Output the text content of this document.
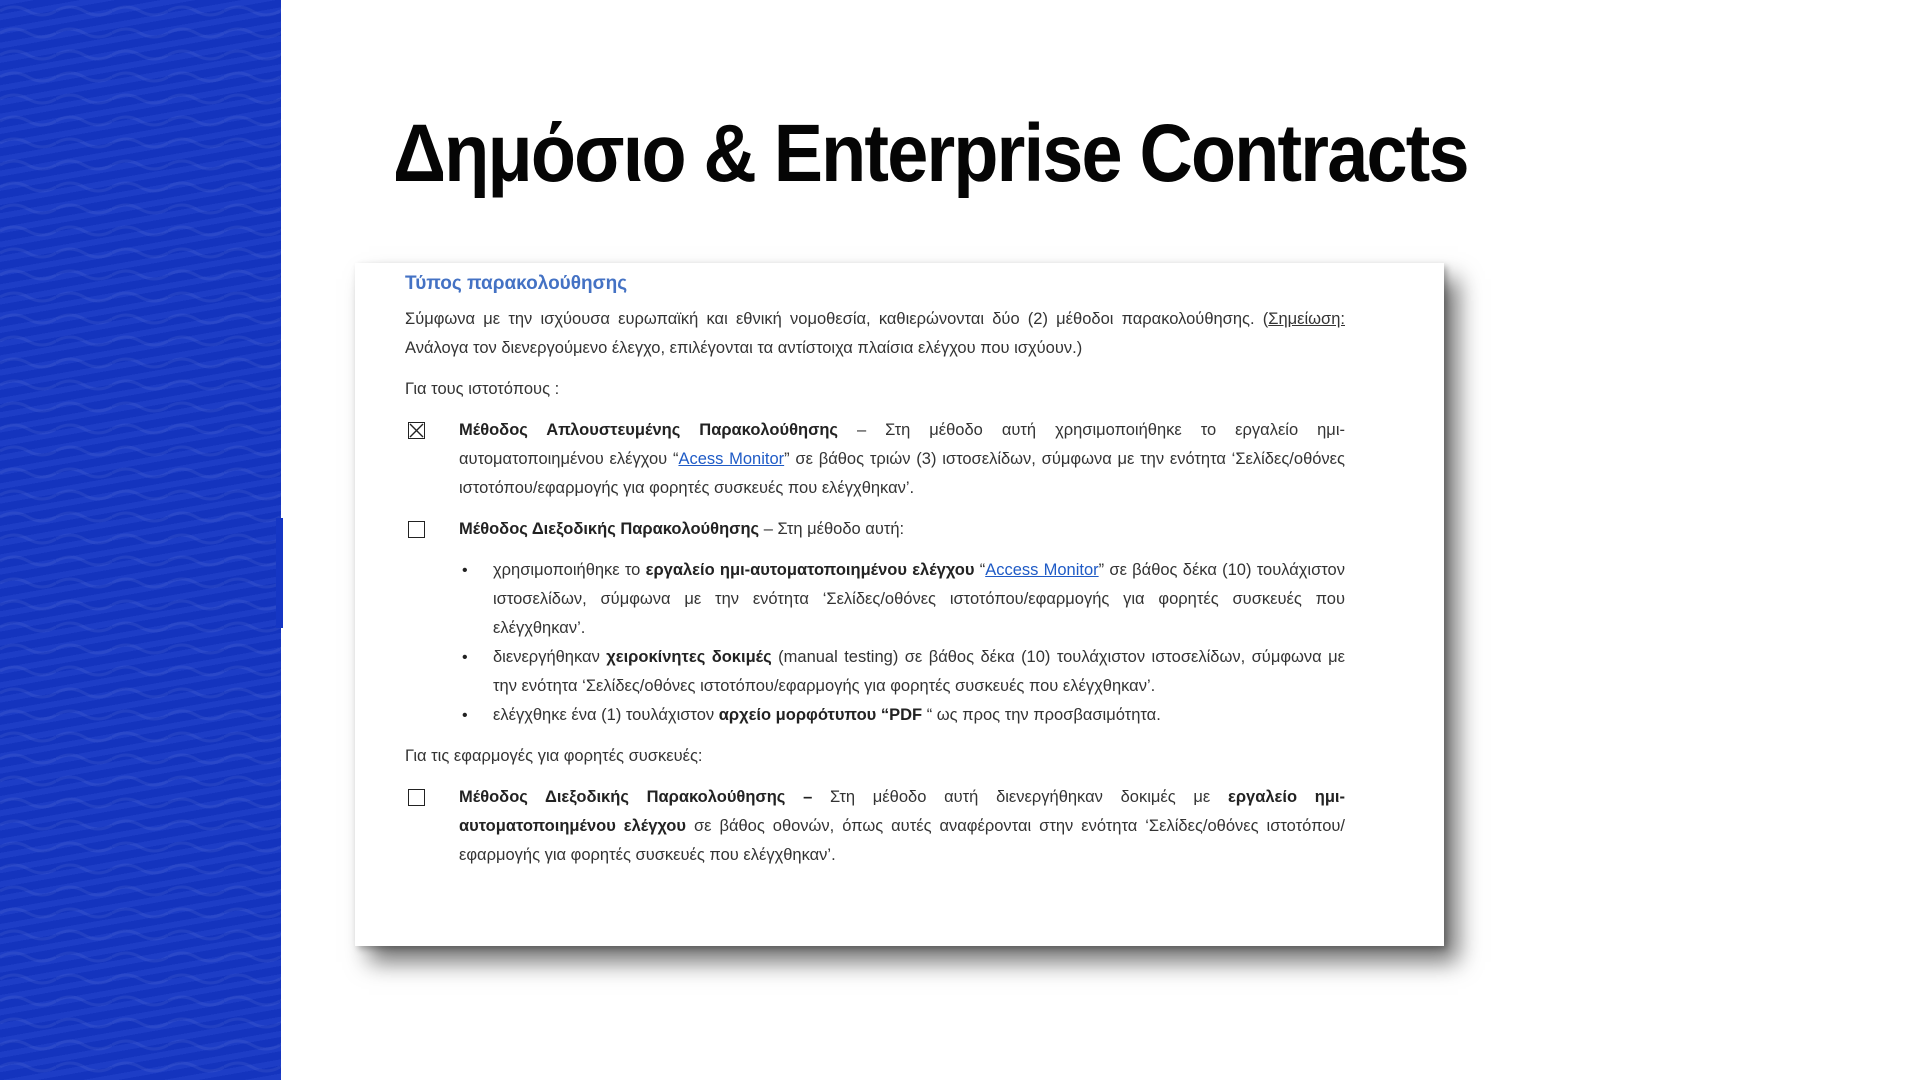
Δημόσιο & Enterprise Contracts

Τύπος παρακολούθησης

Σύμφωνα με την ισχύουσα ευρωπαϊκή και εθνική νομοθεσία, καθιερώνονται δύο (2) μέθοδοι παρακολούθησης. (Σημείωση: Ανάλογα τον διενεργούμενο έλεγχο, επιλέγονται τα αντίστοιχα πλαίσια ελέγχου που ισχύουν.)

Για τους ιστοτόπους :

Μέθοδος Απλουστευμένης Παρακολούθησης – Στη μέθοδο αυτή χρησιμοποιήθηκε το εργαλείο ημι-αυτοματοποιημένου ελέγχου “Acess Monitor” σε βάθος τριών (3) ιστοσελίδων, σύμφωνα με την ενότητα ‘Σελίδες/οθόνες ιστοτόπου/εφαρμογής για φορητές συσκευές που ελέγχθηκαν’.

Μέθοδος Διεξοδικής Παρακολούθησης – Στη μέθοδο αυτή:

• χρησιμοποιήθηκε το εργαλείο ημι-αυτοματοποιημένου ελέγχου “Access Monitor” σε βάθος δέκα (10) τουλάχιστον ιστοσελίδων, σύμφωνα με την ενότητα ‘Σελίδες/οθόνες ιστοτόπου/εφαρμογής για φορητές συσκευές που ελέγχθηκαν’.

• διενεργήθηκαν χειροκίνητες δοκιμές (manual testing) σε βάθος δέκα (10) τουλάχιστον ιστοσελίδων, σύμφωνα με την ενότητα ‘Σελίδες/οθόνες ιστοτόπου/εφαρμογής για φορητές συσκευές που ελέγχθηκαν’.

• ελέγχθηκε ένα (1) τουλάχιστον αρχείο μορφότυπου “PDF “ ως προς την προσβασιμότητα.

Για τις εφαρμογές για φορητές συσκευές:

Μέθοδος Διεξοδικής Παρακολούθησης – Στη μέθοδο αυτή διενεργήθηκαν δοκιμές με εργαλείο ημι-αυτοματοποιημένου ελέγχου σε βάθος οθονών, όπως αυτές αναφέρονται στην ενότητα ‘Σελίδες/οθόνες ιστοτόπου/εφαρμογής για φορητές συσκευές που ελέγχθηκαν’.
